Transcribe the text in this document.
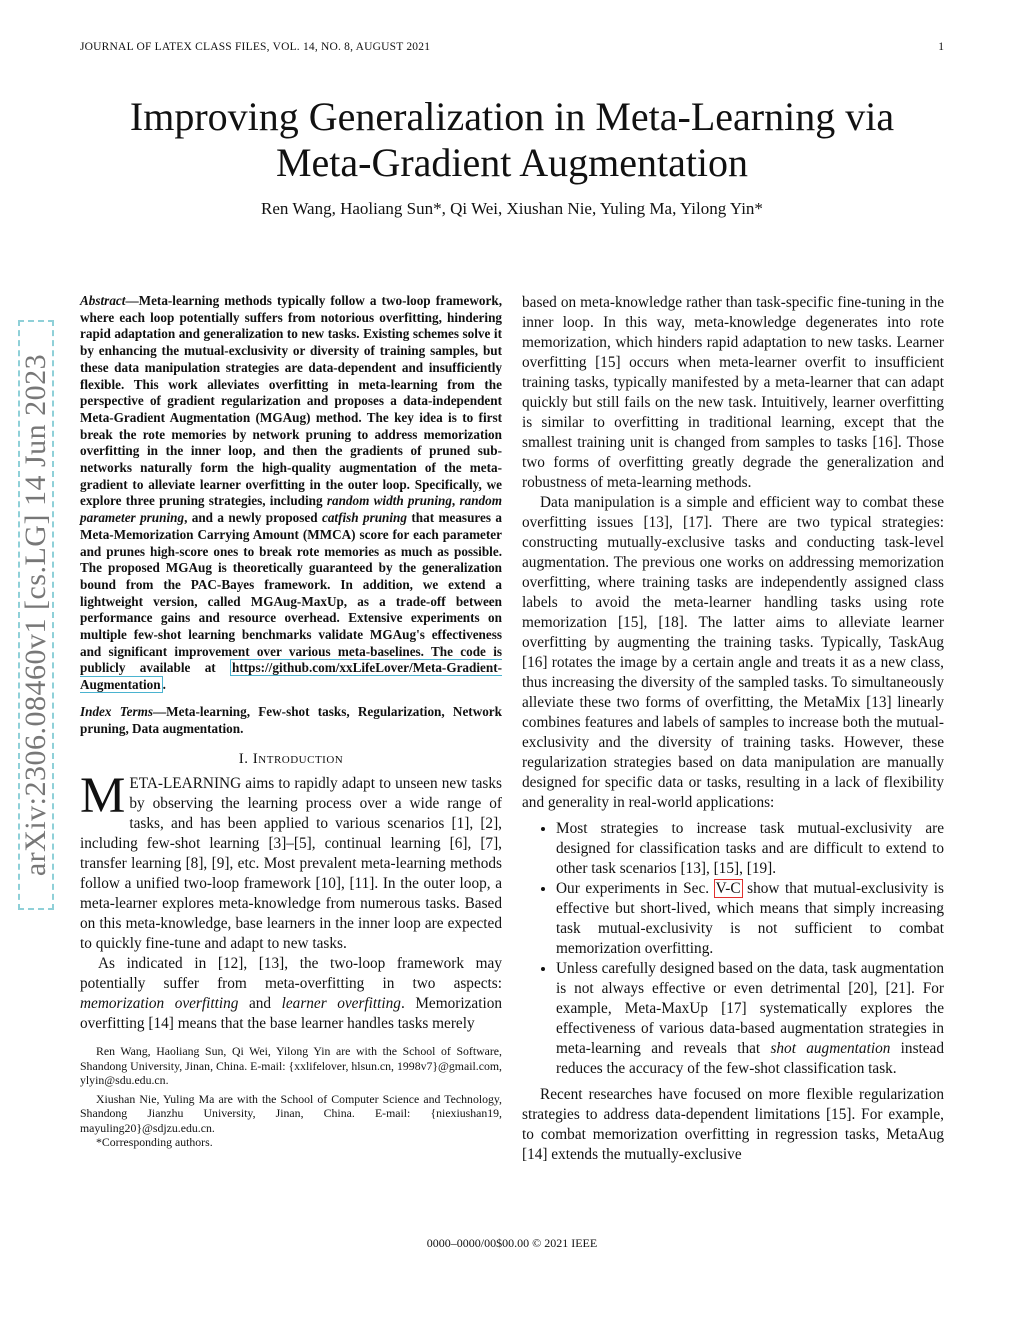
JOURNAL OF LATEX CLASS FILES, VOL. 14, NO. 8, AUGUST 2021	1
Improving Generalization in Meta-Learning via
Meta-Gradient Augmentation
Ren Wang, Haoliang Sun*, Qi Wei, Xiushan Nie, Yuling Ma, Yilong Yin*
arXiv:2306.08460v1 [cs.LG] 14 Jun 2023
Abstract—Meta-learning methods typically follow a two-loop framework, where each loop potentially suffers from notorious overfitting, hindering rapid adaptation and generalization to new tasks. Existing schemes solve it by enhancing the mutual-exclusivity or diversity of training samples, but these data manipulation strategies are data-dependent and insufficiently flexible. This work alleviates overfitting in meta-learning from the perspective of gradient regularization and proposes a data-independent Meta-Gradient Augmentation (MGAug) method. The key idea is to first break the rote memories by network pruning to address memorization overfitting in the inner loop, and then the gradients of pruned sub-networks naturally form the high-quality augmentation of the meta-gradient to alleviate learner overfitting in the outer loop. Specifically, we explore three pruning strategies, including random width pruning, random parameter pruning, and a newly proposed catfish pruning that measures a Meta-Memorization Carrying Amount (MMCA) score for each parameter and prunes high-score ones to break rote memories as much as possible. The proposed MGAug is theoretically guaranteed by the generalization bound from the PAC-Bayes framework. In addition, we extend a lightweight version, called MGAug-MaxUp, as a trade-off between performance gains and resource overhead. Extensive experiments on multiple few-shot learning benchmarks validate MGAug's effectiveness and significant improvement over various meta-baselines. The code is publicly available at https://github.com/xxLifeLover/Meta-Gradient-Augmentation .
Index Terms—Meta-learning, Few-shot tasks, Regularization, Network pruning, Data augmentation.
I. Introduction

META-LEARNING aims to rapidly adapt to unseen new tasks by observing the learning process over a wide range of tasks, and has been applied to various scenarios [1], [2], including few-shot learning [3]–[5], continual learning [6], [7], transfer learning [8], [9], etc. Most prevalent meta-learning methods follow a unified two-loop framework [10], [11]. In the outer loop, a meta-learner explores meta-knowledge from numerous tasks. Based on this meta-knowledge, base learners in the inner loop are expected to quickly fine-tune and adapt to new tasks.

As indicated in [12], [13], the two-loop framework may potentially suffer from meta-overfitting in two aspects: memorization overfitting and learner overfitting. Memorization overfitting [14] means that the base learner handles tasks merely

Ren Wang, Haoliang Sun, Qi Wei, Yilong Yin are with the School of Software, Shandong University, Jinan, China. E-mail: {xxlifelover, hlsun.cn, 1998v7}@gmail.com, ylyin@sdu.edu.cn.

Xiushan Nie, Yuling Ma are with the School of Computer Science and Technology, Shandong Jianzhu University, Jinan, China. E-mail: {niexiushan19, mayuling20}@sdjzu.edu.cn.

*Corresponding authors.

based on meta-knowledge rather than task-specific fine-tuning in the inner loop. In this way, meta-knowledge degenerates into rote memorization, which hinders rapid adaptation to new tasks. Learner overfitting [15] occurs when meta-learner overfit to insufficient training tasks, typically manifested by a meta-learner that can adapt quickly but still fails on the new task. Intuitively, learner overfitting is similar to overfitting in traditional learning, except that the smallest training unit is changed from samples to tasks [16]. Those two forms of overfitting greatly degrade the generalization and robustness of meta-learning methods.

Data manipulation is a simple and efficient way to combat these overfitting issues [13], [17]. There are two typical strategies: constructing mutually-exclusive tasks and conducting task-level augmentation. The previous one works on addressing memorization overfitting, where training tasks are independently assigned class labels to avoid the meta-learner handling tasks using rote memorization [15], [18]. The latter aims to alleviate learner overfitting by augmenting the training tasks. Typically, TaskAug [16] rotates the image by a certain angle and treats it as a new class, thus increasing the diversity of the sampled tasks. To simultaneously alleviate these two forms of overfitting, the MetaMix [13] linearly combines features and labels of samples to increase both the mutual-exclusivity and the diversity of training tasks. However, these regularization strategies based on data manipulation are manually designed for specific data or tasks, resulting in a lack of flexibility and generality in real-world applications:

• Most strategies to increase task mutual-exclusivity are designed for classification tasks and are difficult to extend to other task scenarios [13], [15], [19].
• Our experiments in Sec. V-C show that mutual-exclusivity is effective but short-lived, which means that simply increasing task mutual-exclusivity is not sufficient to combat memorization overfitting.
• Unless carefully designed based on the data, task augmentation is not always effective or even detrimental [20], [21]. For example, Meta-MaxUp [17] systematically explores the effectiveness of various data-based augmentation strategies in meta-learning and reveals that shot augmentation instead reduces the accuracy of the few-shot classification task.

Recent researches have focused on more flexible regularization strategies to address data-dependent limitations [15]. For example, to combat memorization overfitting in regression tasks, MetaAug [14] extends the mutually-exclusive

0000–0000/00$00.00 © 2021 IEEE
